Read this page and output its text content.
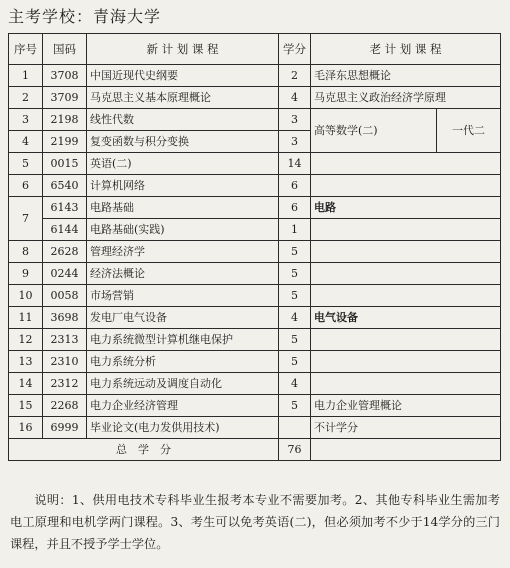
主考学校：青海大学
序号	国码	新 计 划 课 程	学分	老 计 划 课 程	
1	3708	中国近现代史纲要	2	毛泽东思想概论	
2	3709	马克思主义基本原理概论	4	马克思主义政治经济学原理	
3	2198	线性代数	3	高等数学(二)	一代二
4	2199	复变函数与积分变换	3		
5	0015	英语(二)	14		
6	6540	计算机网络	6		
7	6143	电路基础	6	电路	
	6144	电路基础(实践)	1		
8	2628	管理经济学	5		
9	0244	经济法概论	5		
10	0058	市场营销	5		
11	3698	发电厂电气设备	4	电气设备	
12	2313	电力系统微型计算机继电保护	5		
13	2310	电力系统分析	5		
14	2312	电力系统远动及调度自动化	4		
15	2268	电力企业经济管理	5	电力企业管理概论	
16	6999	毕业论文(电力发供用技术)		不计学分	
总　学　分			76		
说明：1、供用电技术专科毕业生报考本专业不需要加考。2、其他专科毕业生需加考电工原理和电机学两门课程。3、考生可以免考英语(二)，但必须加考不少于14学分的三门课程，并且不授予学士学位。
